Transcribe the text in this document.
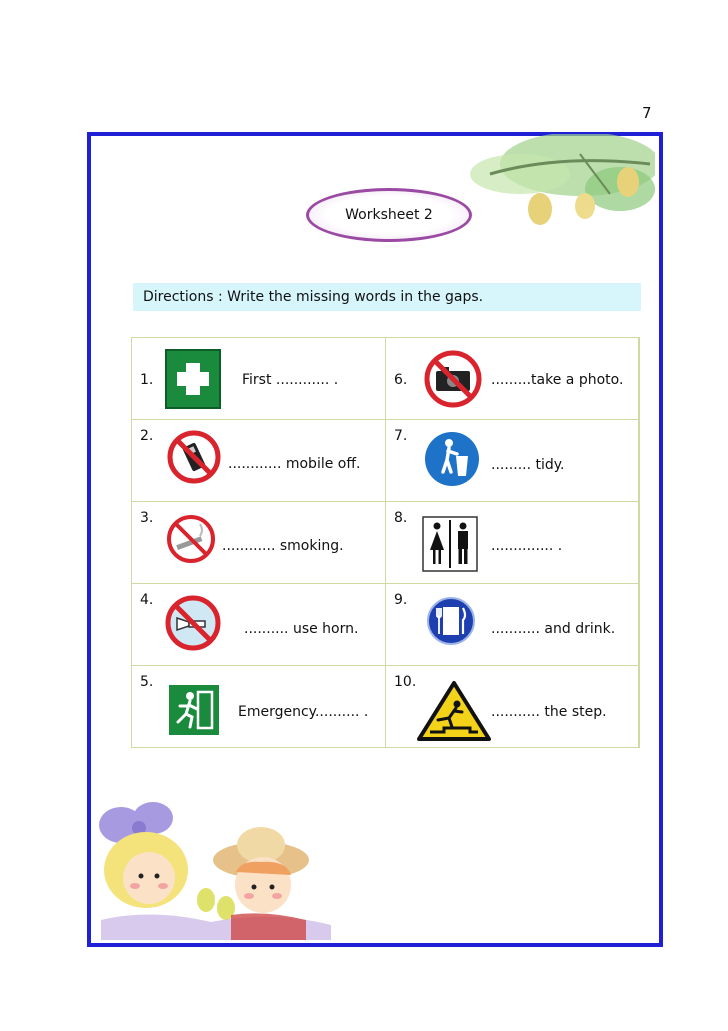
7
Worksheet 2
Directions : Write the missing words in the gaps.
1.	First ............ .
2.
............ mobile off.
3.
............ smoking.
4.
.......... use horn.
5.
Emergency.......... .
6.	.........take a photo.
7.
......... tidy.
8.
.............. .
9.
........... and drink.
10.
........... the step.
